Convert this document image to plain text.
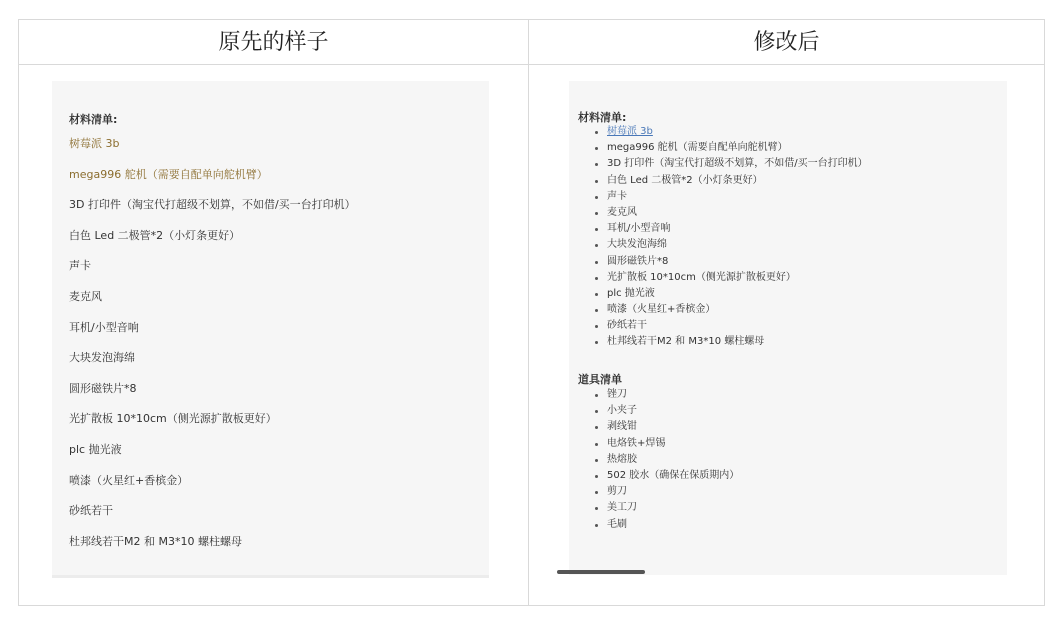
原先的样子	修改后
材料清单:
树莓派 3b
mega996 舵机（需要自配单向舵机臂）
3D 打印件（淘宝代打超级不划算，不如借/买一台打印机）
白色 Led 二极管*2（小灯条更好）
声卡
麦克风
耳机/小型音响
大块发泡海绵
圆形磁铁片*8
光扩散板 10*10cm（侧光源扩散板更好）
plc 抛光液
喷漆（火星红+香槟金）
砂纸若干
杜邦线若干M2 和 M3*10 螺柱螺母
材料清单:
树莓派 3b
mega996 舵机（需要自配单向舵机臂）
3D 打印件（淘宝代打超级不划算，不如借/买一台打印机）
白色 Led 二极管*2（小灯条更好）
声卡
麦克风
耳机/小型音响
大块发泡海绵
圆形磁铁片*8
光扩散板 10*10cm（侧光源扩散板更好）
plc 抛光液
喷漆（火星红+香槟金）
砂纸若干
杜邦线若干M2 和 M3*10 螺柱螺母
道具清单
锉刀
小夹子
剥线钳
电烙铁+焊锡
热熔胶
502 胶水（确保在保质期内）
剪刀
美工刀
毛刷
